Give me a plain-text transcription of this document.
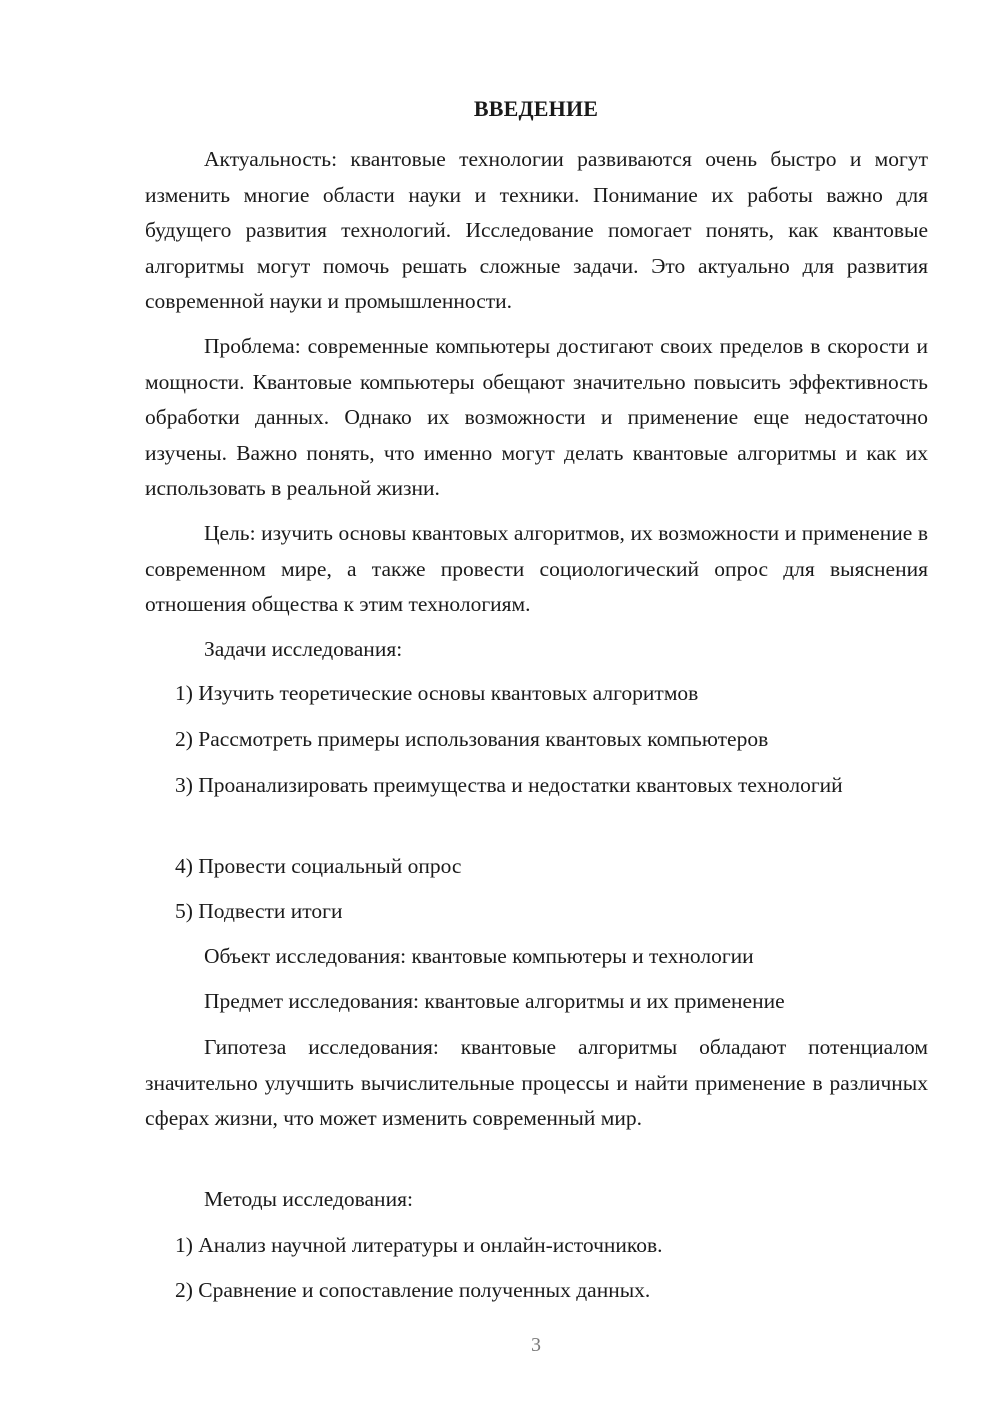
ВВЕДЕНИЕ
Актуальность: квантовые технологии развиваются очень быстро и могут изменить многие области науки и техники. Понимание их работы важно для будущего развития технологий. Исследование помогает понять, как квантовые алгоритмы могут помочь решать сложные задачи. Это актуально для развития современной науки и промышленности.
Проблема: современные компьютеры достигают своих пределов в скорости и мощности. Квантовые компьютеры обещают значительно повысить эффективность обработки данных. Однако их возможности и применение еще недостаточно изучены. Важно понять, что именно могут делать квантовые алгоритмы и как их использовать в реальной жизни.
Цель: изучить основы квантовых алгоритмов, их возможности и применение в современном мире, а также провести социологический опрос для выяснения отношения общества к этим технологиям.
Задачи исследования:
1) Изучить теоретические основы квантовых алгоритмов
2) Рассмотреть примеры использования квантовых компьютеров
3) Проанализировать преимущества и недостатки квантовых технологий
4) Провести социальный опрос
5) Подвести итоги
Объект исследования: квантовые компьютеры и технологии
Предмет исследования: квантовые алгоритмы и их применение
Гипотеза исследования: квантовые алгоритмы обладают потенциалом значительно улучшить вычислительные процессы и найти применение в различных сферах жизни, что может изменить современный мир.
Методы исследования:
1) Анализ научной литературы и онлайн-источников.
2) Сравнение и сопоставление полученных данных.
3
